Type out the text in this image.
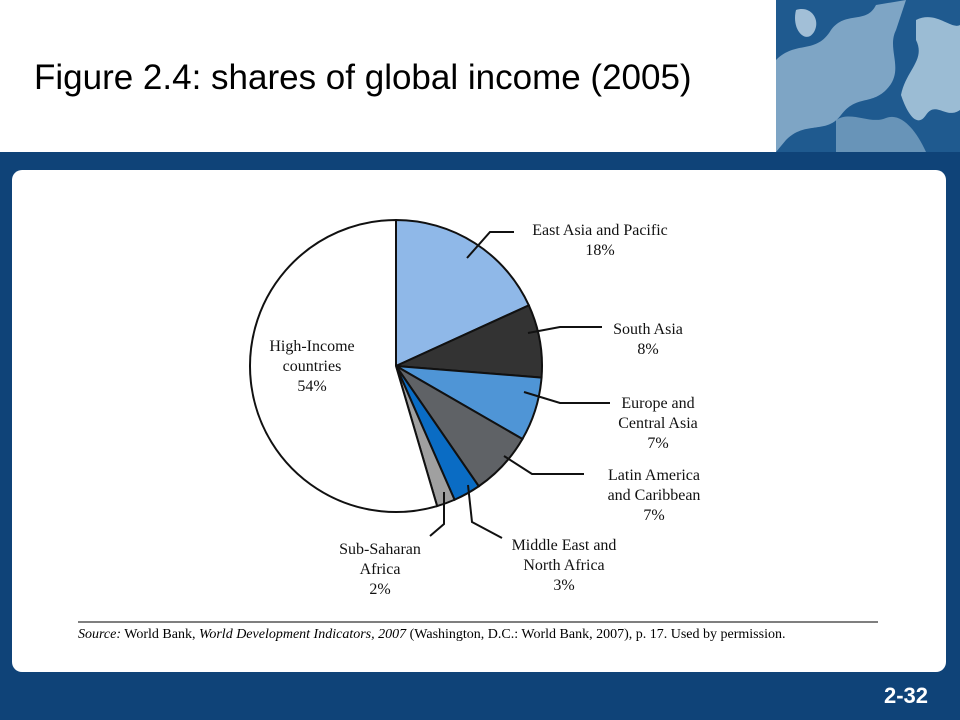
Figure 2.4: shares of global income (2005)
East Asia and Pacific 18%
South Asia 8%
Europe and Central Asia 7%
Latin America and Caribbean 7%
Middle East and North Africa 3%
Sub-Saharan Africa 2%
High-Income countries 54%
Source: World Bank, World Development Indicators, 2007 (Washington, D.C.: World Bank, 2007), p. 17. Used by permission.
2-32
